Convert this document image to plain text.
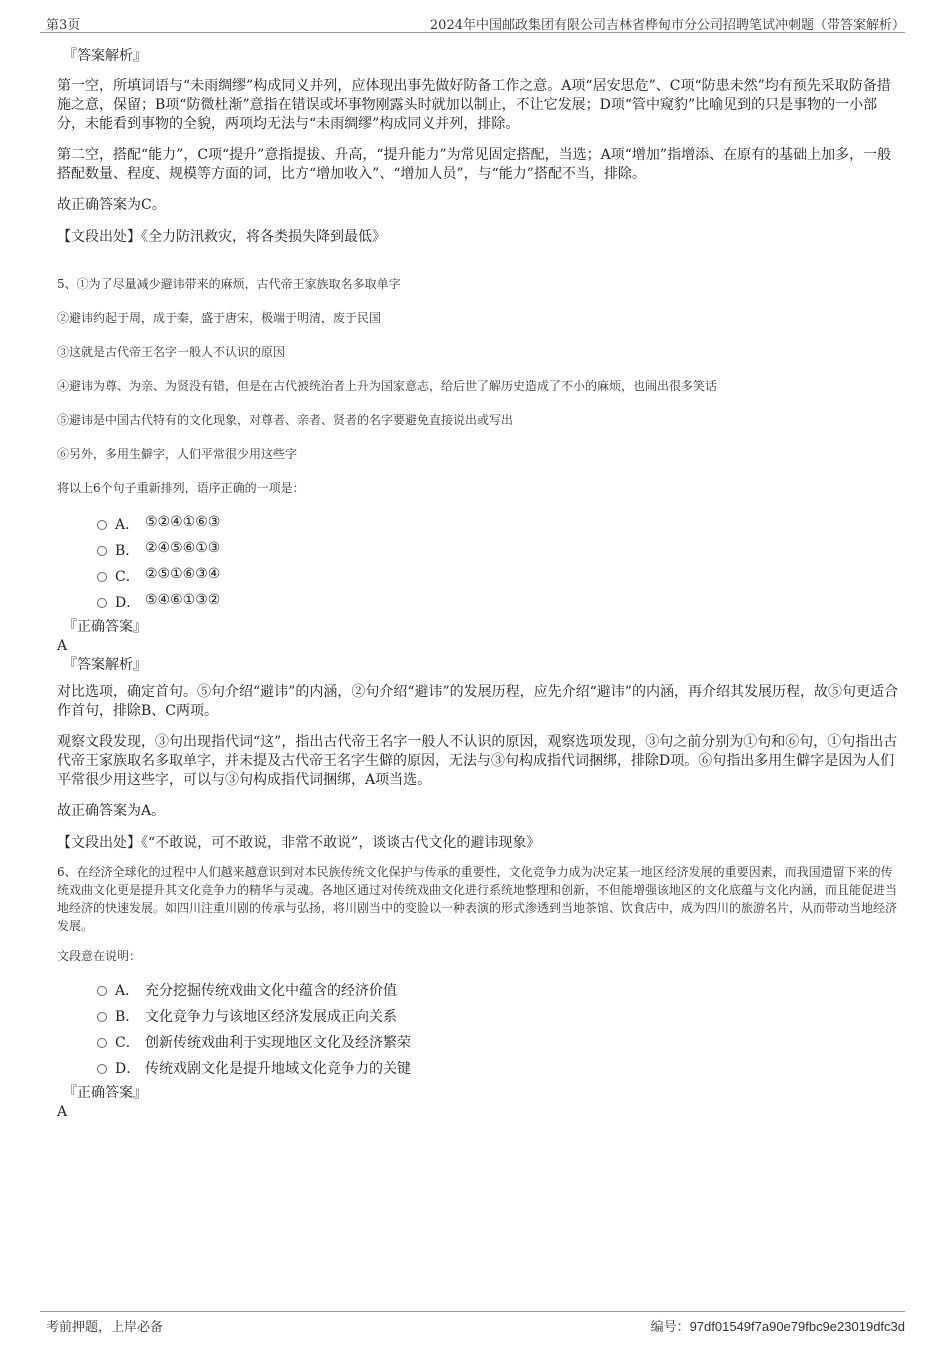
第3页	2024年中国邮政集团有限公司吉林省桦甸市分公司招聘笔试冲刺题（带答案解析）
『答案解析』

第一空，所填词语与“未雨绸缪”构成同义并列，应体现出事先做好防备工作之意。A项“居安思危”、C项“防患未然”均有预先采取防备措施之意，保留；B项“防微杜渐”意指在错误或坏事物刚露头时就加以制止，不让它发展；D项“管中窥豹”比喻见到的只是事物的一小部分，未能看到事物的全貌，两项均无法与“未雨绸缪”构成同义并列，排除。

第二空，搭配“能力”，C项“提升”意指提拔、升高，“提升能力”为常见固定搭配，当选；A项“增加”指增添、在原有的基础上加多，一般搭配数量、程度、规模等方面的词，比方“增加收入”、“增加人员”，与“能力”搭配不当，排除。

故正确答案为C。

【文段出处】《全力防汛救灾，将各类损失降到最低》

5、①为了尽量减少避讳带来的麻烦，古代帝王家族取名多取单字

②避讳约起于周，成于秦，盛于唐宋，极端于明清，废于民国

③这就是古代帝王名字一般人不认识的原因

④避讳为尊、为亲、为贤没有错，但是在古代被统治者上升为国家意志，给后世了解历史造成了不小的麻烦，也闹出很多笑话

⑤避讳是中国古代特有的文化现象，对尊者、亲者、贤者的名字要避免直接说出或写出

⑥另外，多用生僻字，人们平常很少用这些字

将以上6个句子重新排列，语序正确的一项是：

A． ⑤②④①⑥③
B． ②④⑤⑥①③
C． ②⑤①⑥③④
D． ⑤④⑥①③②
『正确答案』
A
『答案解析』

对比选项，确定首句。⑤句介绍“避讳”的内涵，②句介绍“避讳”的发展历程，应先介绍“避讳”的内涵，再介绍其发展历程，故⑤句更适合作首句，排除B、C两项。

观察文段发现，③句出现指代词“这”，指出古代帝王名字一般人不认识的原因，观察选项发现，③句之前分别为①句和⑥句，①句指出古代帝王家族取名多取单字，并未提及古代帝王名字生僻的原因，无法与③句构成指代词捆绑，排除D项。⑥句指出多用生僻字是因为人们平常很少用这些字，可以与③句构成指代词捆绑，A项当选。

故正确答案为A。

【文段出处】《“不敢说，可不敢说，非常不敢说”，谈谈古代文化的避讳现象》

6、在经济全球化的过程中人们越来越意识到对本民族传统文化保护与传承的重要性，文化竞争力成为决定某一地区经济发展的重要因素，而我国遗留下来的传统戏曲文化更是提升其文化竞争力的精华与灵魂。各地区通过对传统戏曲文化进行系统地整理和创新，不但能增强该地区的文化底蕴与文化内涵，而且能促进当地经济的快速发展。如四川注重川剧的传承与弘扬，将川剧当中的变脸以一种表演的形式渗透到当地茶馆、饮食店中，成为四川的旅游名片，从而带动当地经济发展。

文段意在说明：

A． 充分挖掘传统戏曲文化中蕴含的经济价值
B． 文化竞争力与该地区经济发展成正向关系
C． 创新传统戏曲利于实现地区文化及经济繁荣
D． 传统戏剧文化是提升地域文化竞争力的关键
『正确答案』
A
考前押题，上岸必备	编号：97df01549f7a90e79fbc9e23019dfc3d
